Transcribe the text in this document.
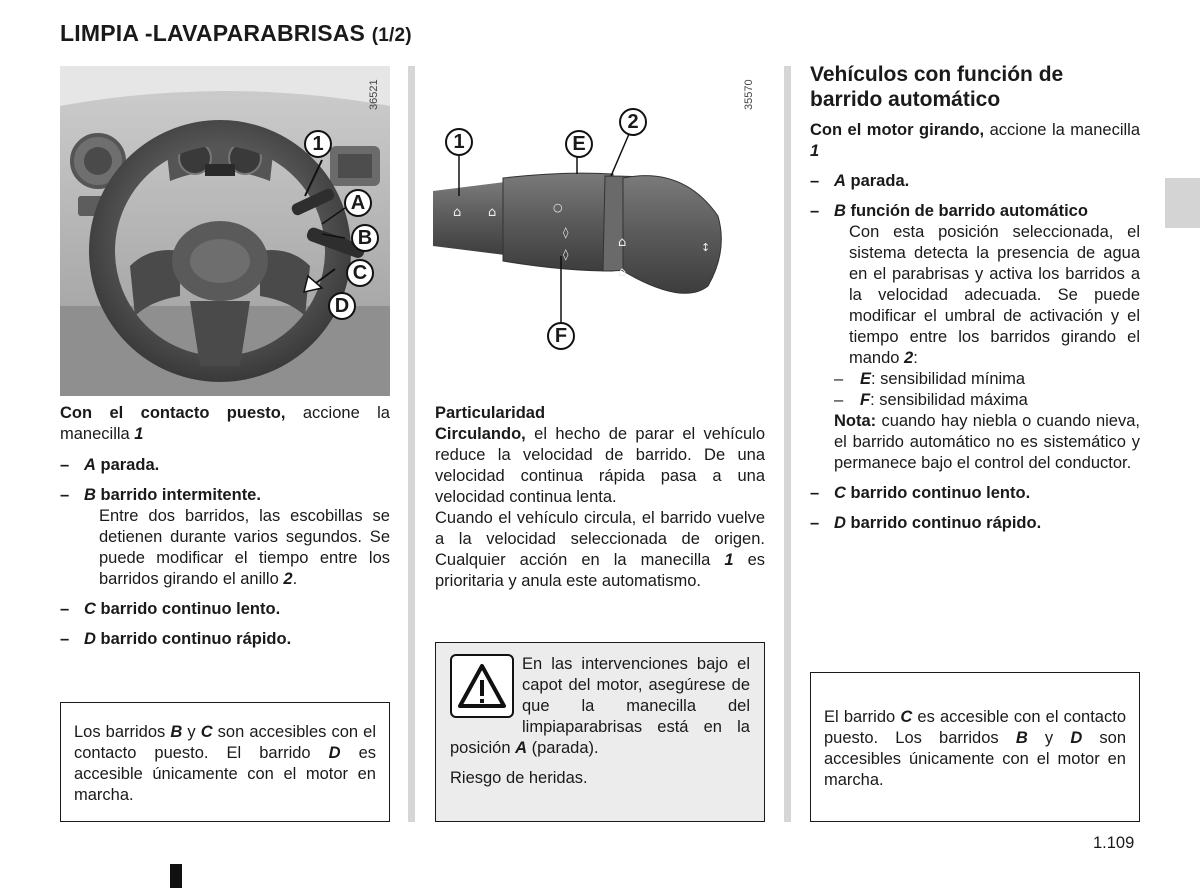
LIMPIA -LAVAPARABRISAS (1/2)
36521
1
A
B
C
D
⌂ ⌂	○
◊
◊
⌂
⌂
↕
35570
1
2
E
F

Con el contacto puesto, accione la manecilla 1

– A parada.
– B barrido intermitente.

Entre dos barridos, las escobillas se detienen durante varios segundos. Se puede modificar el tiempo entre los barridos girando el anillo 2.

– C barrido continuo lento.
– D barrido continuo rápido.

Los barridos B y C son accesibles con el contacto puesto. El barrido D es accesible únicamente con el motor en marcha.

Particularidad

Circulando, el hecho de parar el vehículo reduce la velocidad de barrido. De una velocidad continua rápida pasa a una velocidad continua lenta.

Cuando el vehículo circula, el barrido vuelve a la velocidad seleccionada de origen. Cualquier acción en la manecilla 1 es prioritaria y anula este automatismo.

En las intervenciones bajo el capot del motor, asegúrese de que la manecilla del limpiaparabrisas está en la posición A (parada).

Riesgo de heridas.

Vehículos con función de barrido automático

Con el motor girando, accione la manecilla 1

– A parada.
– B función de barrido automático

Con esta posición seleccionada, el sistema detecta la presencia de agua en el parabrisas y activa los barridos a la velocidad adecuada. Se puede modificar el umbral de activación y el tiempo entre los barridos girando el mando 2:

–	E: sensibilidad mínima
–	F: sensibilidad máxima

Nota: cuando hay niebla o cuando nieva, el barrido automático no es sistemático y permanece bajo el control del conductor.

– C barrido continuo lento.
– D barrido continuo rápido.

El barrido C es accesible con el contacto puesto. Los barridos B y D son accesibles únicamente con el motor en marcha.

1.109
